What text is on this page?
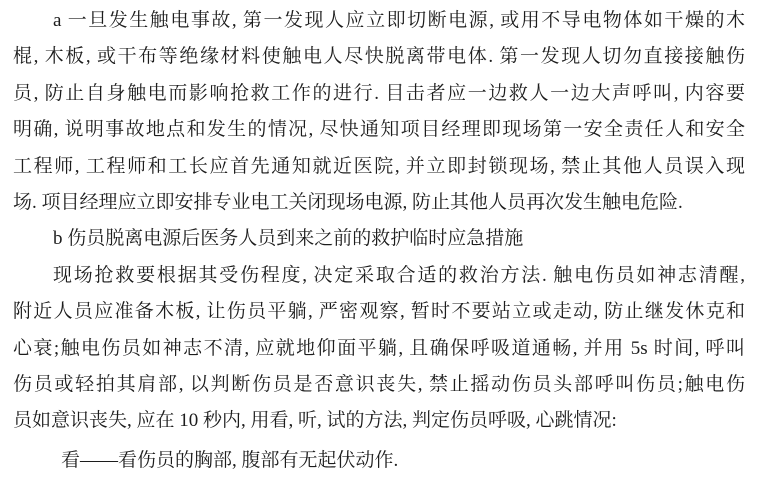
a 一旦发生触电事故, 第一发现人应立即切断电源, 或用不导电物体如干燥的木
棍, 木板, 或干布等绝缘材料使触电人尽快脱离带电体. 第一发现人切勿直接接触伤
员, 防止自身触电而影响抢救工作的进行. 目击者应一边救人一边大声呼叫, 内容要
明确, 说明事故地点和发生的情况, 尽快通知项目经理即现场第一安全责任人和安全
工程师, 工程师和工长应首先通知就近医院, 并立即封锁现场, 禁止其他人员误入现
场. 项目经理应立即安排专业电工关闭现场电源, 防止其他人员再次发生触电危险.
b 伤员脱离电源后医务人员到来之前的救护临时应急措施
现场抢救要根据其受伤程度, 决定采取合适的救治方法. 触电伤员如神志清醒,
附近人员应准备木板, 让伤员平躺, 严密观察, 暂时不要站立或走动, 防止继发休克和
心衰;触电伤员如神志不清, 应就地仰面平躺, 且确保呼吸道通畅, 并用 5s 时间, 呼叫
伤员或轻拍其肩部, 以判断伤员是否意识丧失, 禁止摇动伤员头部呼叫伤员;触电伤
员如意识丧失, 应在 10 秒内, 用看, 听, 试的方法, 判定伤员呼吸, 心跳情况:
看——看伤员的胸部, 腹部有无起伏动作.
